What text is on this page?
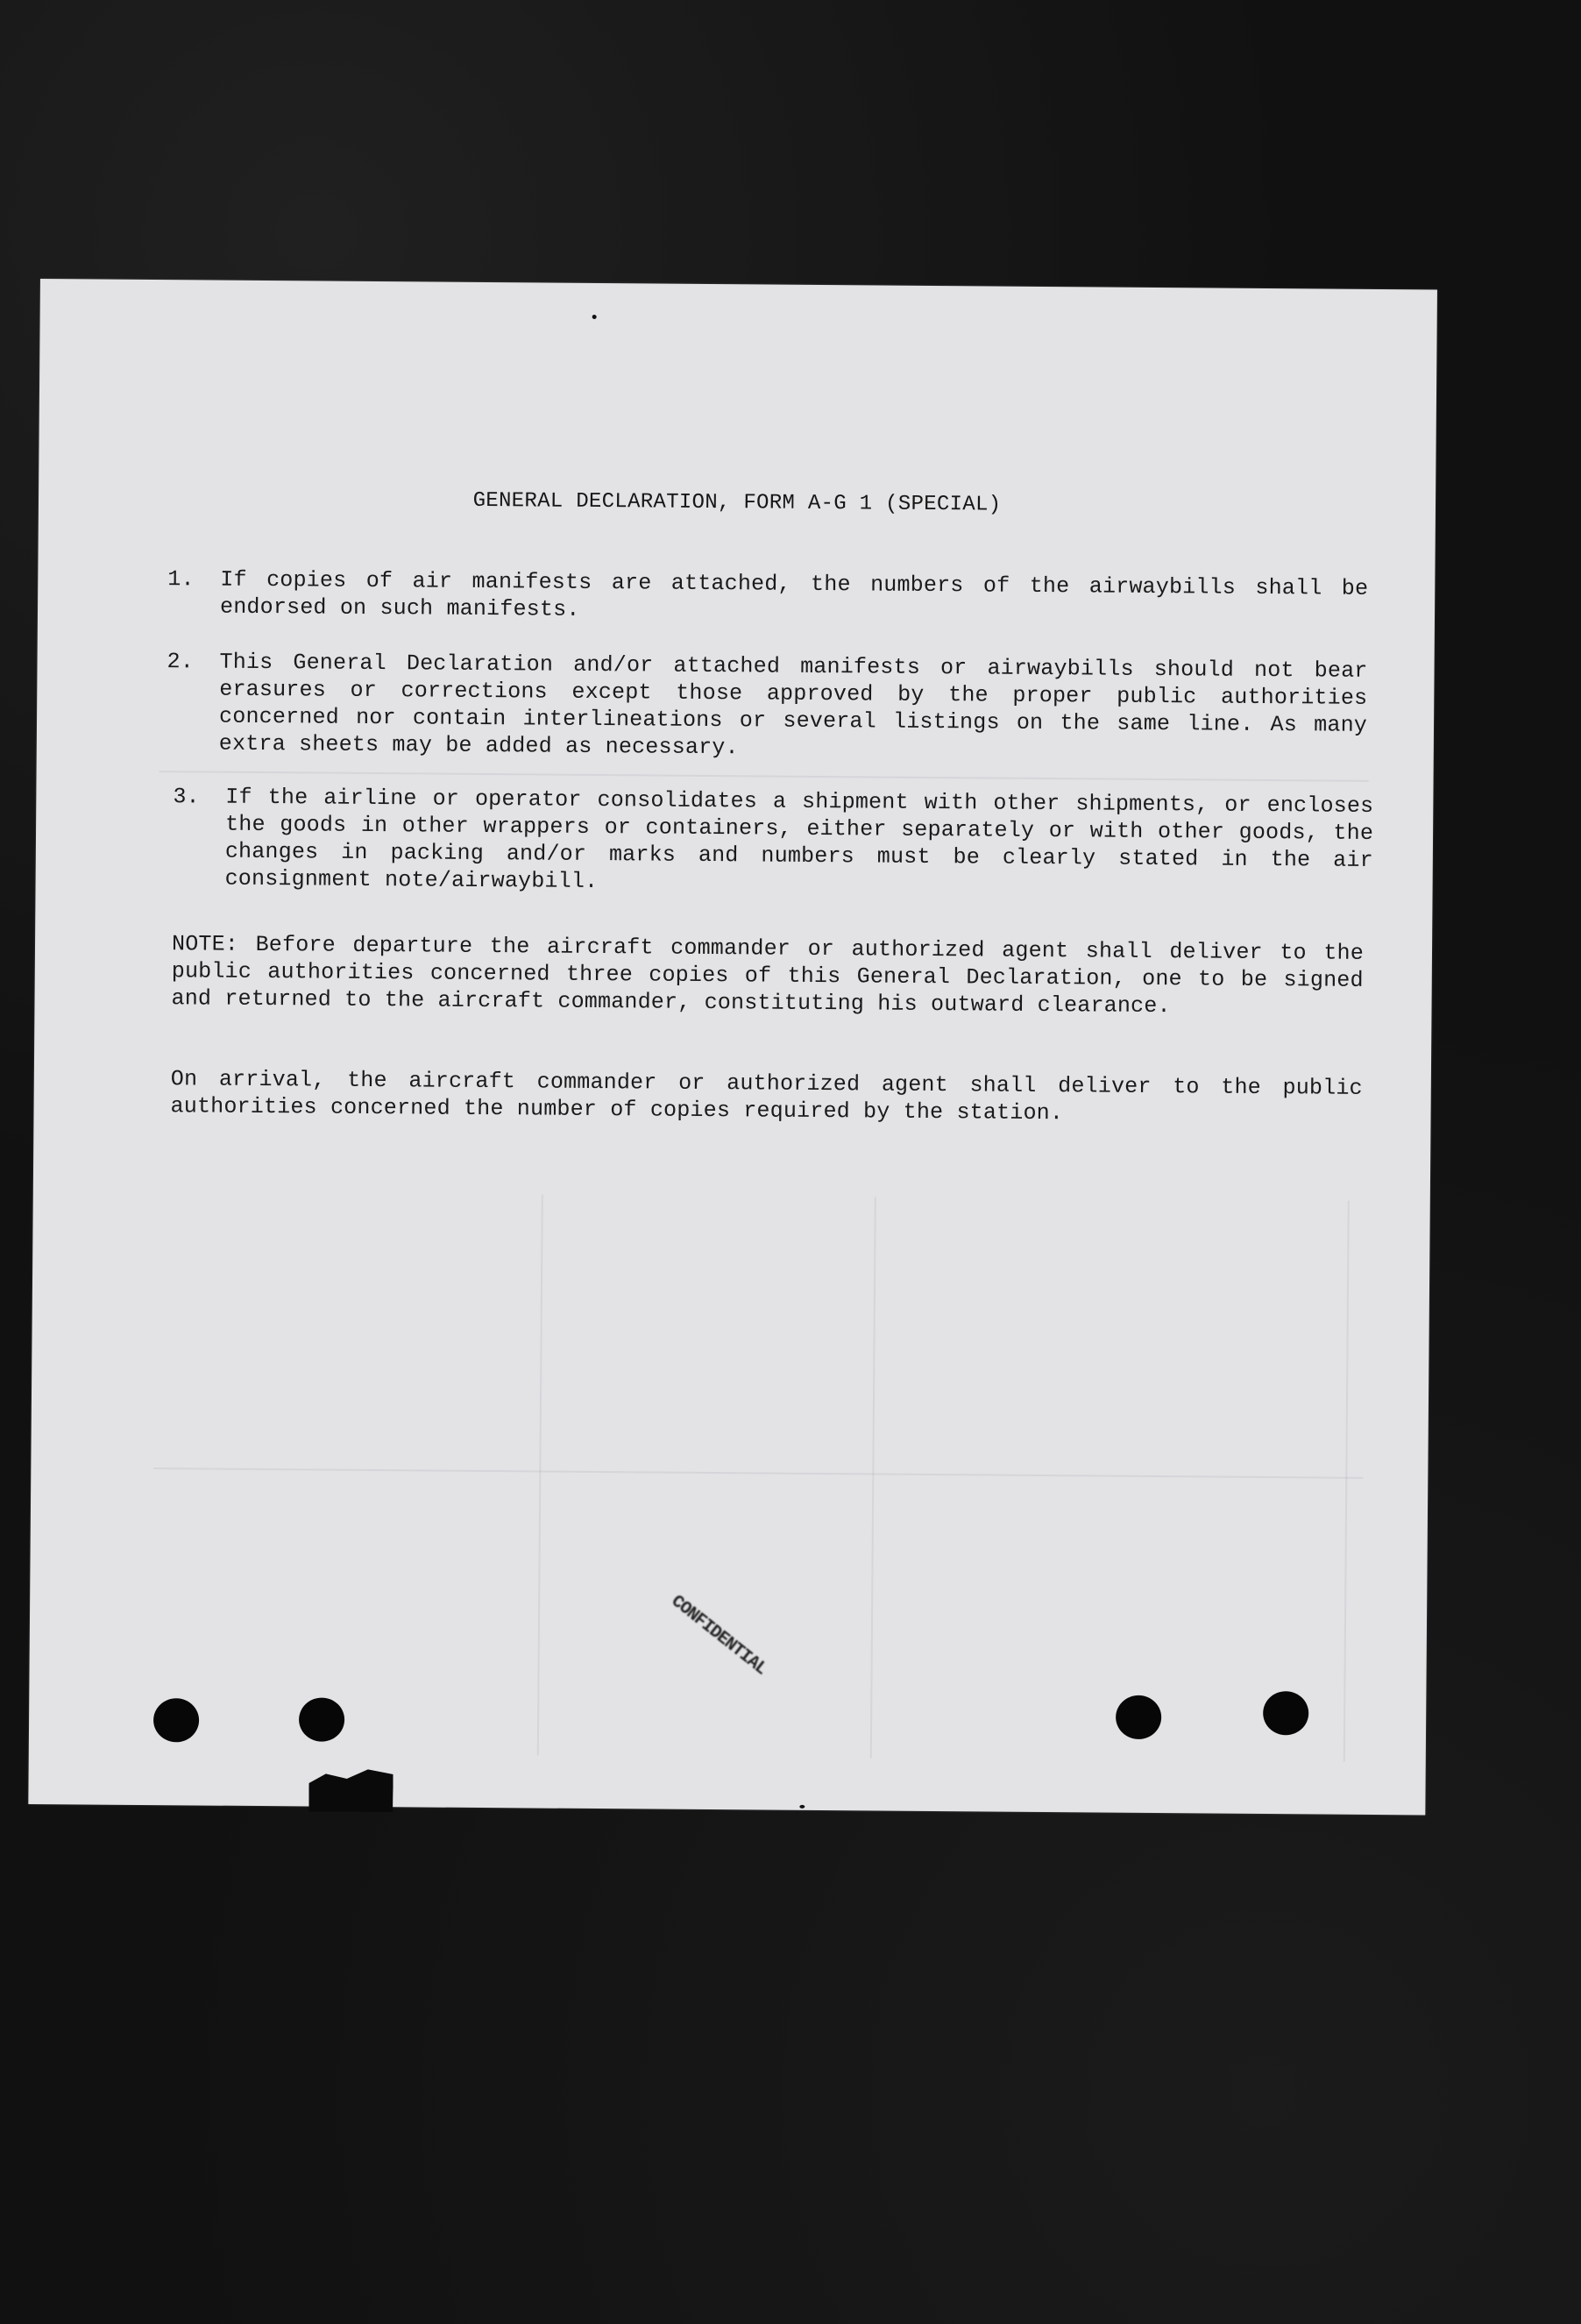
GENERAL DECLARATION, FORM A-G 1 (SPECIAL)
1. If copies of air manifests are attached, the numbers of the airwaybills shall be endorsed on such manifests.
2. This General Declaration and/or attached manifests or airwaybills should not bear erasures or corrections except those approved by the proper public authorities concerned nor contain interlineations or several listings on the same line. As many extra sheets may be added as necessary.
3. If the airline or operator consolidates a shipment with other shipments, or encloses the goods in other wrappers or containers, either separately or with other goods, the changes in packing and/or marks and numbers must be clearly stated in the air consignment note/airwaybill.
NOTE: Before departure the aircraft commander or authorized agent shall deliver to the public authorities concerned three copies of this General Declaration, one to be signed and returned to the aircraft commander, constituting his outward clearance.
On arrival, the aircraft commander or authorized agent shall deliver to the public authorities concerned the number of copies required by the station.
CONFIDENTIAL
